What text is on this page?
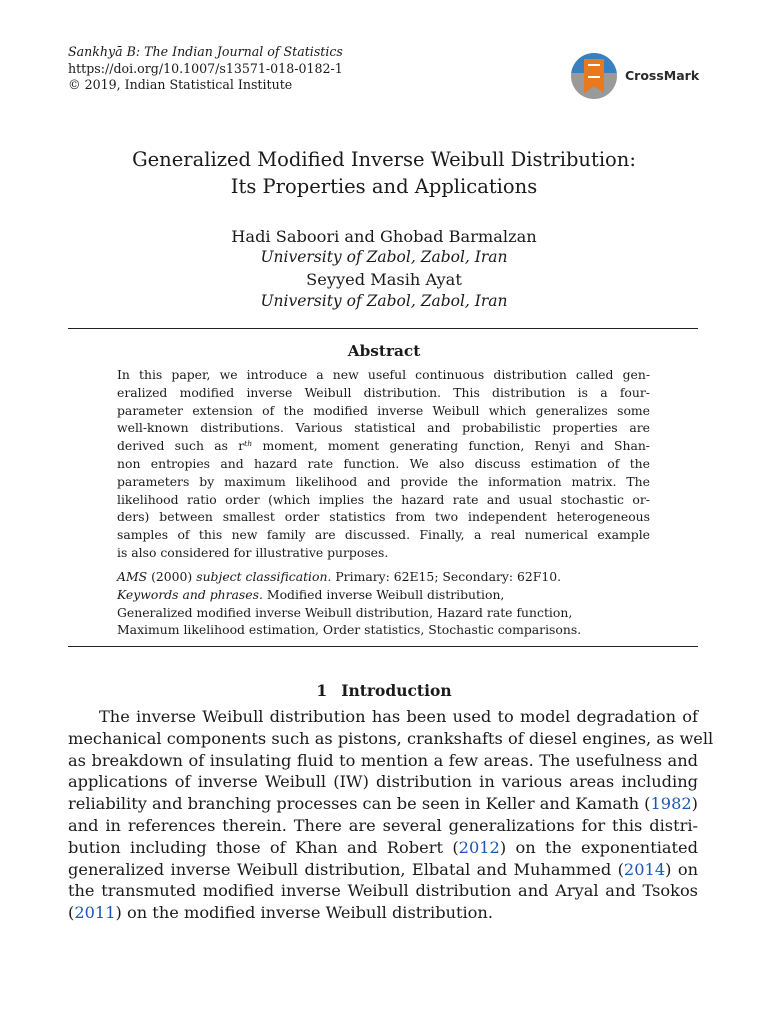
Sankhyā B: The Indian Journal of Statistics
https://doi.org/10.1007/s13571-018-0182-1
© 2019, Indian Statistical Institute
CrossMark
Generalized Modified Inverse Weibull Distribution:
Its Properties and Applications
Hadi Saboori and Ghobad Barmalzan
University of Zabol, Zabol, Iran
Seyyed Masih Ayat
University of Zabol, Zabol, Iran
Abstract
In this paper, we introduce a new useful continuous distribution called gen-
eralized modified inverse Weibull distribution. This distribution is a four-
parameter extension of the modified inverse Weibull which generalizes some
well-known distributions. Various statistical and probabilistic properties are
derived such as $r^{th}$ moment, moment generating function, Renyi and Shan-
non entropies and hazard rate function. We also discuss estimation of the
parameters by maximum likelihood and provide the information matrix. The
likelihood ratio order (which implies the hazard rate and usual stochastic or-
ders) between smallest order statistics from two independent heterogeneous
samples of this new family are discussed. Finally, a real numerical example
is also considered for illustrative purposes.
AMS (2000) subject classification. Primary: 62E15; Secondary: 62F10.
Keywords and phrases. Modified inverse Weibull distribution,
Generalized modified inverse Weibull distribution, Hazard rate function,
Maximum likelihood estimation, Order statistics, Stochastic comparisons.
1 Introduction
The inverse Weibull distribution has been used to model degradation of
mechanical components such as pistons, crankshafts of diesel engines, as well
as breakdown of insulating fluid to mention a few areas. The usefulness and
applications of inverse Weibull (IW) distribution in various areas including
reliability and branching processes can be seen in Keller and Kamath (1982)
and in references therein. There are several generalizations for this distri-
bution including those of Khan and Robert (2012) on the exponentiated
generalized inverse Weibull distribution, Elbatal and Muhammed (2014) on
the transmuted modified inverse Weibull distribution and Aryal and Tsokos
(2011) on the modified inverse Weibull distribution.
